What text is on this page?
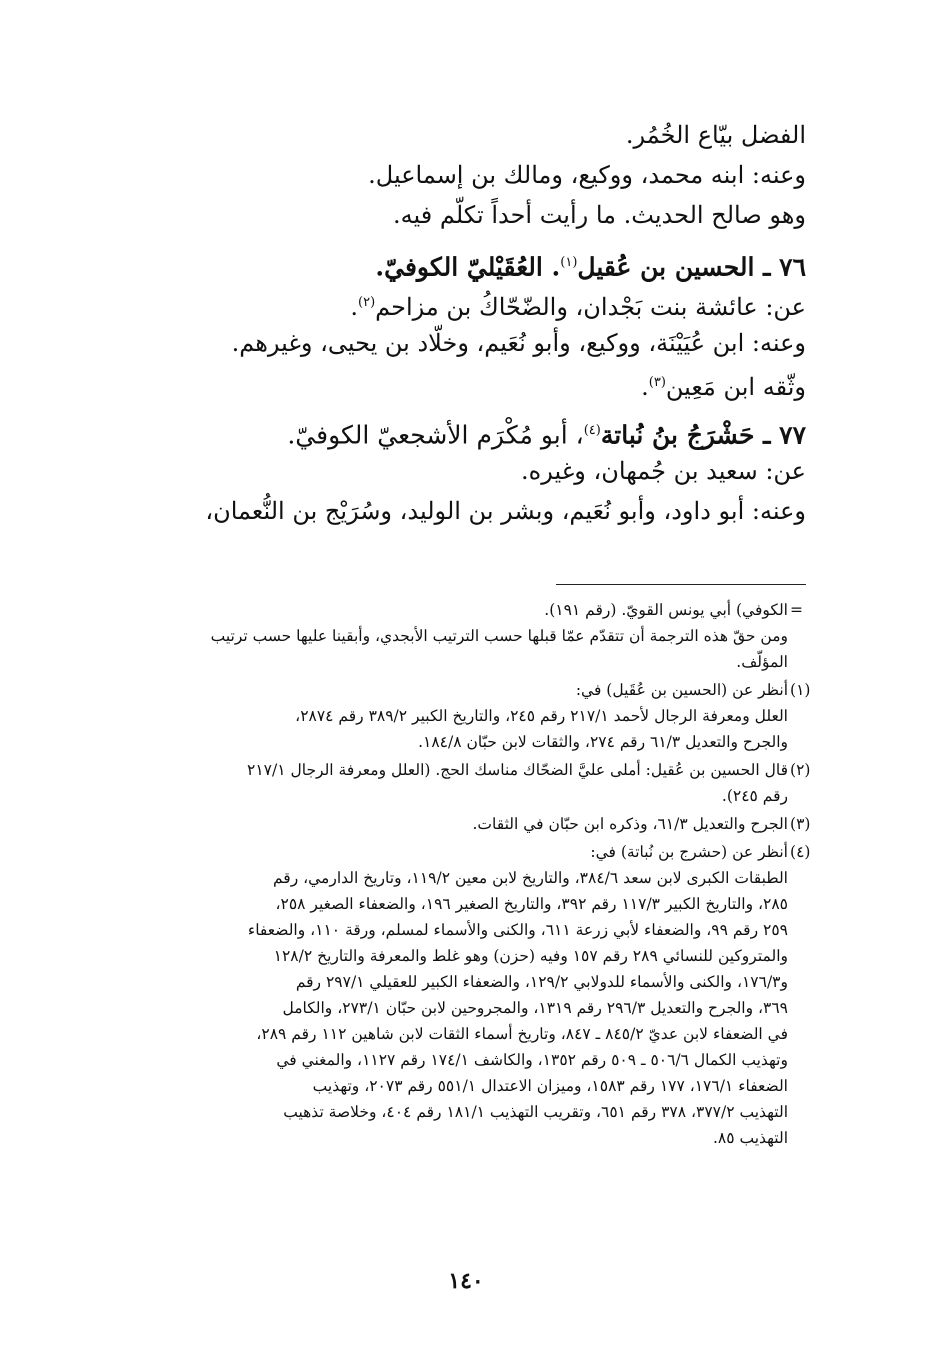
الفضل بيّاع الخُمُر.
وعنه: ابنه محمد، ووكيع، ومالك بن إسماعيل.
وهو صالح الحديث. ما رأيت أحداً تكلّم فيه.
٧٦ ـ الحسين بن عُقيل$^{(١)}$. العُقَيْليّ الكوفيّ.
عن: عائشة بنت بَجْدان، والضّحّاكُ بن مزاحم$^{(٢)}$.
وعنه: ابن عُيَيْنَة، ووكيع، وأبو نُعَيم، وخلّاد بن يحيى، وغيرهم.
وثّقه ابن مَعِين$^{(٣)}$.
٧٧ ـ حَشْرَجُ بنُ نُباتة$^{(٤)}$، أبو مُكْرَم الأشجعيّ الكوفيّ.
عن: سعيد بن جُمهان، وغيره.
وعنه: أبو داود، وأبو نُعَيم، وبشر بن الوليد، وسُرَيْج بن النُّعمان،
=
الكوفي) أبي يونس القويّ. (رقم ١٩١).
ومن حقّ هذه الترجمة أن تتقدّم عمّا قبلها حسب الترتيب الأبجدي، وأبقينا عليها حسب ترتيب
المؤلّف.
(١)
أنظر عن (الحسين بن عُقَيل) في:
العلل ومعرفة الرجال لأحمد ٢١٧/١ رقم ٢٤٥، والتاريخ الكبير ٣٨٩/٢ رقم ٢٨٧٤،
والجرح والتعديل ٦١/٣ رقم ٢٧٤، والثقات لابن حبّان ١٨٤/٨.
(٢)
قال الحسين بن عُقيل: أملى عليَّ الضحّاك مناسك الحج. (العلل ومعرفة الرجال ٢١٧/١
رقم ٢٤٥).
(٣)
الجرح والتعديل ٦١/٣، وذكره ابن حبّان في الثقات.
(٤)
أنظر عن (حشرج بن نُباتة) في:
الطبقات الكبرى لابن سعد ٣٨٤/٦، والتاريخ لابن معين ١١٩/٢، وتاريخ الدارمي، رقم
٢٨٥، والتاريخ الكبير ١١٧/٣ رقم ٣٩٢، والتاريخ الصغير ١٩٦، والضعفاء الصغير ٢٥٨،
٢٥٩ رقم ٩٩، والضعفاء لأبي زرعة ٦١١، والكنى والأسماء لمسلم، ورقة ١١٠، والضعفاء
والمتروكين للنسائي ٢٨٩ رقم ١٥٧ وفيه (حزن) وهو غلط والمعرفة والتاريخ ١٢٨/٢
و١٧٦/٣، والكنى والأسماء للدولابي ١٢٩/٢، والضعفاء الكبير للعقيلي ٢٩٧/١ رقم
٣٦٩، والجرح والتعديل ٢٩٦/٣ رقم ١٣١٩، والمجروحين لابن حبّان ٢٧٣/١، والكامل
في الضعفاء لابن عديّ ٨٤٥/٢ ـ ٨٤٧، وتاريخ أسماء الثقات لابن شاهين ١١٢ رقم ٢٨٩،
وتهذيب الكمال ٥٠٦/٦ ـ ٥٠٩ رقم ١٣٥٢، والكاشف ١٧٤/١ رقم ١١٢٧، والمغني في
الضعفاء ١٧٦/١، ١٧٧ رقم ١٥٨٣، وميزان الاعتدال ٥٥١/١ رقم ٢٠٧٣، وتهذيب
التهذيب ٣٧٧/٢، ٣٧٨ رقم ٦٥١، وتقريب التهذيب ١٨١/١ رقم ٤٠٤، وخلاصة تذهيب
التهذيب ٨٥.
١٤٠
